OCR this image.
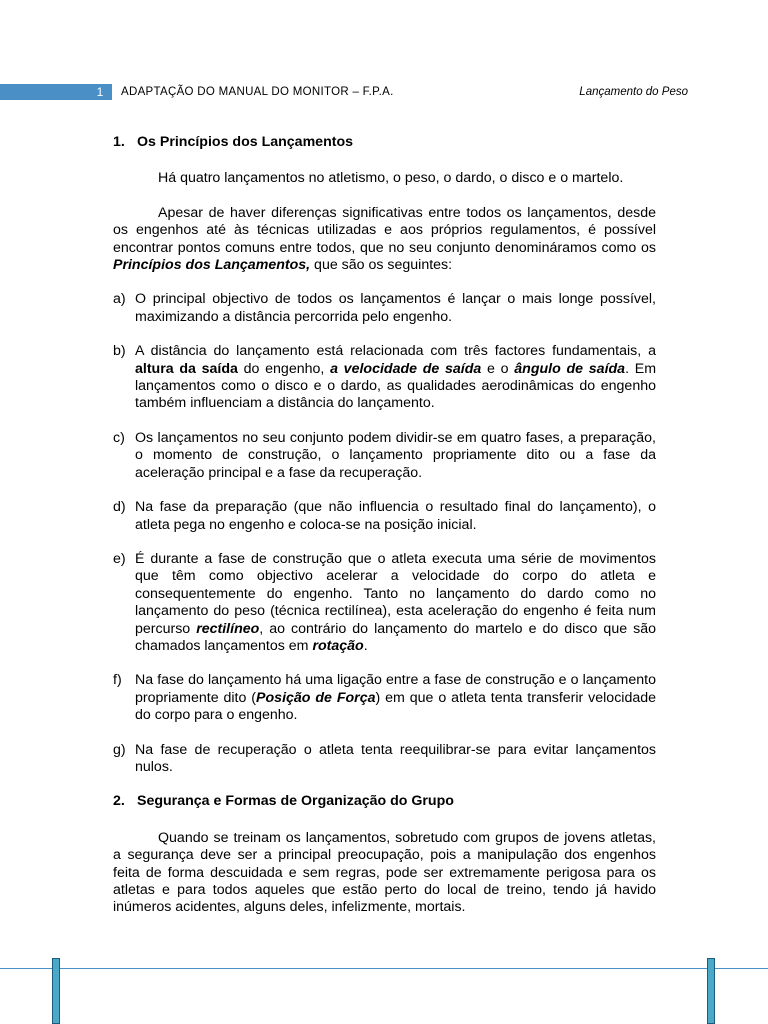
1	ADAPTAÇÃO DO MANUAL DO MONITOR – F.P.A.	Lançamento do Peso
1. Os Princípios dos Lançamentos

Há quatro lançamentos no atletismo, o peso, o dardo, o disco e o martelo.

Apesar de haver diferenças significativas entre todos os lançamentos, desde os engenhos até às técnicas utilizadas e aos próprios regulamentos, é possível encontrar pontos comuns entre todos, que no seu conjunto denomináramos como os Princípios dos Lançamentos, que são os seguintes:

a) O principal objectivo de todos os lançamentos é lançar o mais longe possível, maximizando a distância percorrida pelo engenho.
b) A distância do lançamento está relacionada com três factores fundamentais, a altura da saída do engenho, a velocidade de saída e o ângulo de saída. Em lançamentos como o disco e o dardo, as qualidades aerodinâmicas do engenho também influenciam a distância do lançamento.
c) Os lançamentos no seu conjunto podem dividir-se em quatro fases, a preparação, o momento de construção, o lançamento propriamente dito ou a fase da aceleração principal e a fase da recuperação.
d) Na fase da preparação (que não influencia o resultado final do lançamento), o atleta pega no engenho e coloca-se na posição inicial.
e) É durante a fase de construção que o atleta executa uma série de movimentos que têm como objectivo acelerar a velocidade do corpo do atleta e consequentemente do engenho. Tanto no lançamento do dardo como no lançamento do peso (técnica rectilínea), esta aceleração do engenho é feita num percurso rectilíneo, ao contrário do lançamento do martelo e do disco que são chamados lançamentos em rotação.
f) Na fase do lançamento há uma ligação entre a fase de construção e o lançamento propriamente dito (Posição de Força) em que o atleta tenta transferir velocidade do corpo para o engenho.
g) Na fase de recuperação o atleta tenta reequilibrar-se para evitar lançamentos nulos.
2. Segurança e Formas de Organização do Grupo

Quando se treinam os lançamentos, sobretudo com grupos de jovens atletas, a segurança deve ser a principal preocupação, pois a manipulação dos engenhos feita de forma descuidada e sem regras, pode ser extremamente perigosa para os atletas e para todos aqueles que estão perto do local de treino, tendo já havido inúmeros acidentes, alguns deles, infelizmente, mortais.
